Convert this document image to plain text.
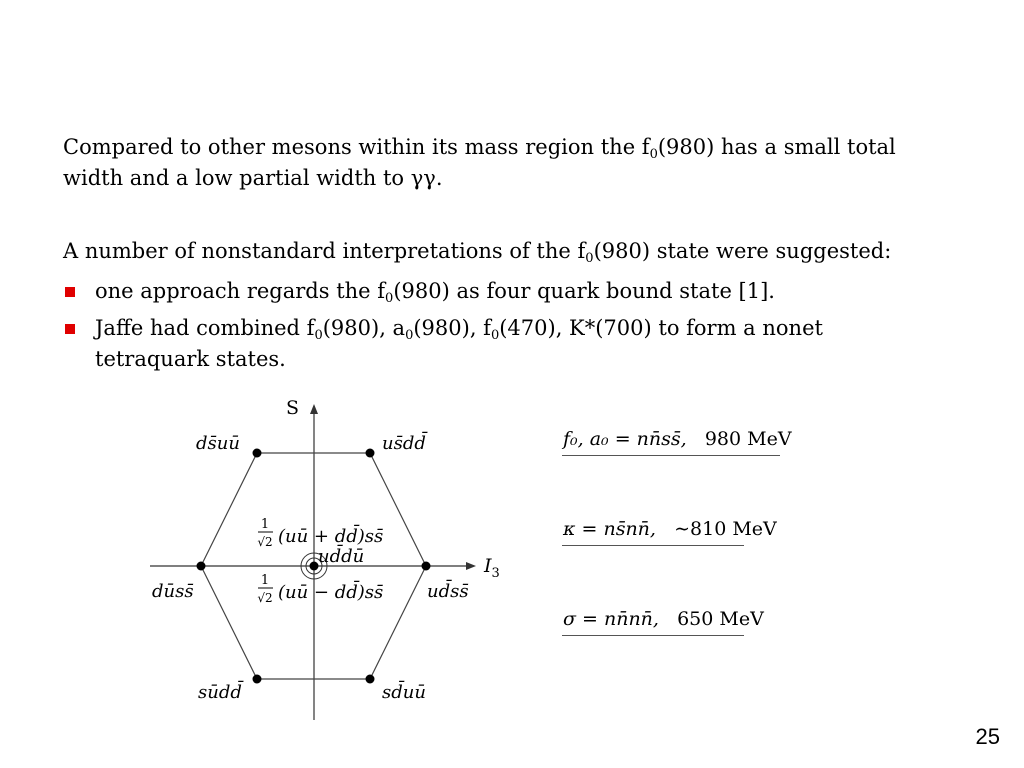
Compared to other mesons within its mass region the $f_0(980)$ has a small total
width and a low partial width to γγ.

A number of nonstandard interpretations of the $f_0(980)$ state were suggested:

one approach regards the $f_0(980)$ as four quark bound state [1].
Jaffe had combined $f_0(980)$, $a_0(980)$, $f_0(470)$, K*(700) to form a nonet
tetraquark states.
S
$I_3$
ds̄uū	us̄dd̄
dūss̄	ud̄ss̄
sūdd̄	sd̄uū
1
√2 (uū + dd̄)ss̄
ud̄dū
1
√2 (uū − dd̄)ss̄
f₀, a₀ = nn̄ss̄, 980 MeV
κ = ns̄nn̄, ∼810 MeV
σ = nn̄nn̄, 650 MeV
25
